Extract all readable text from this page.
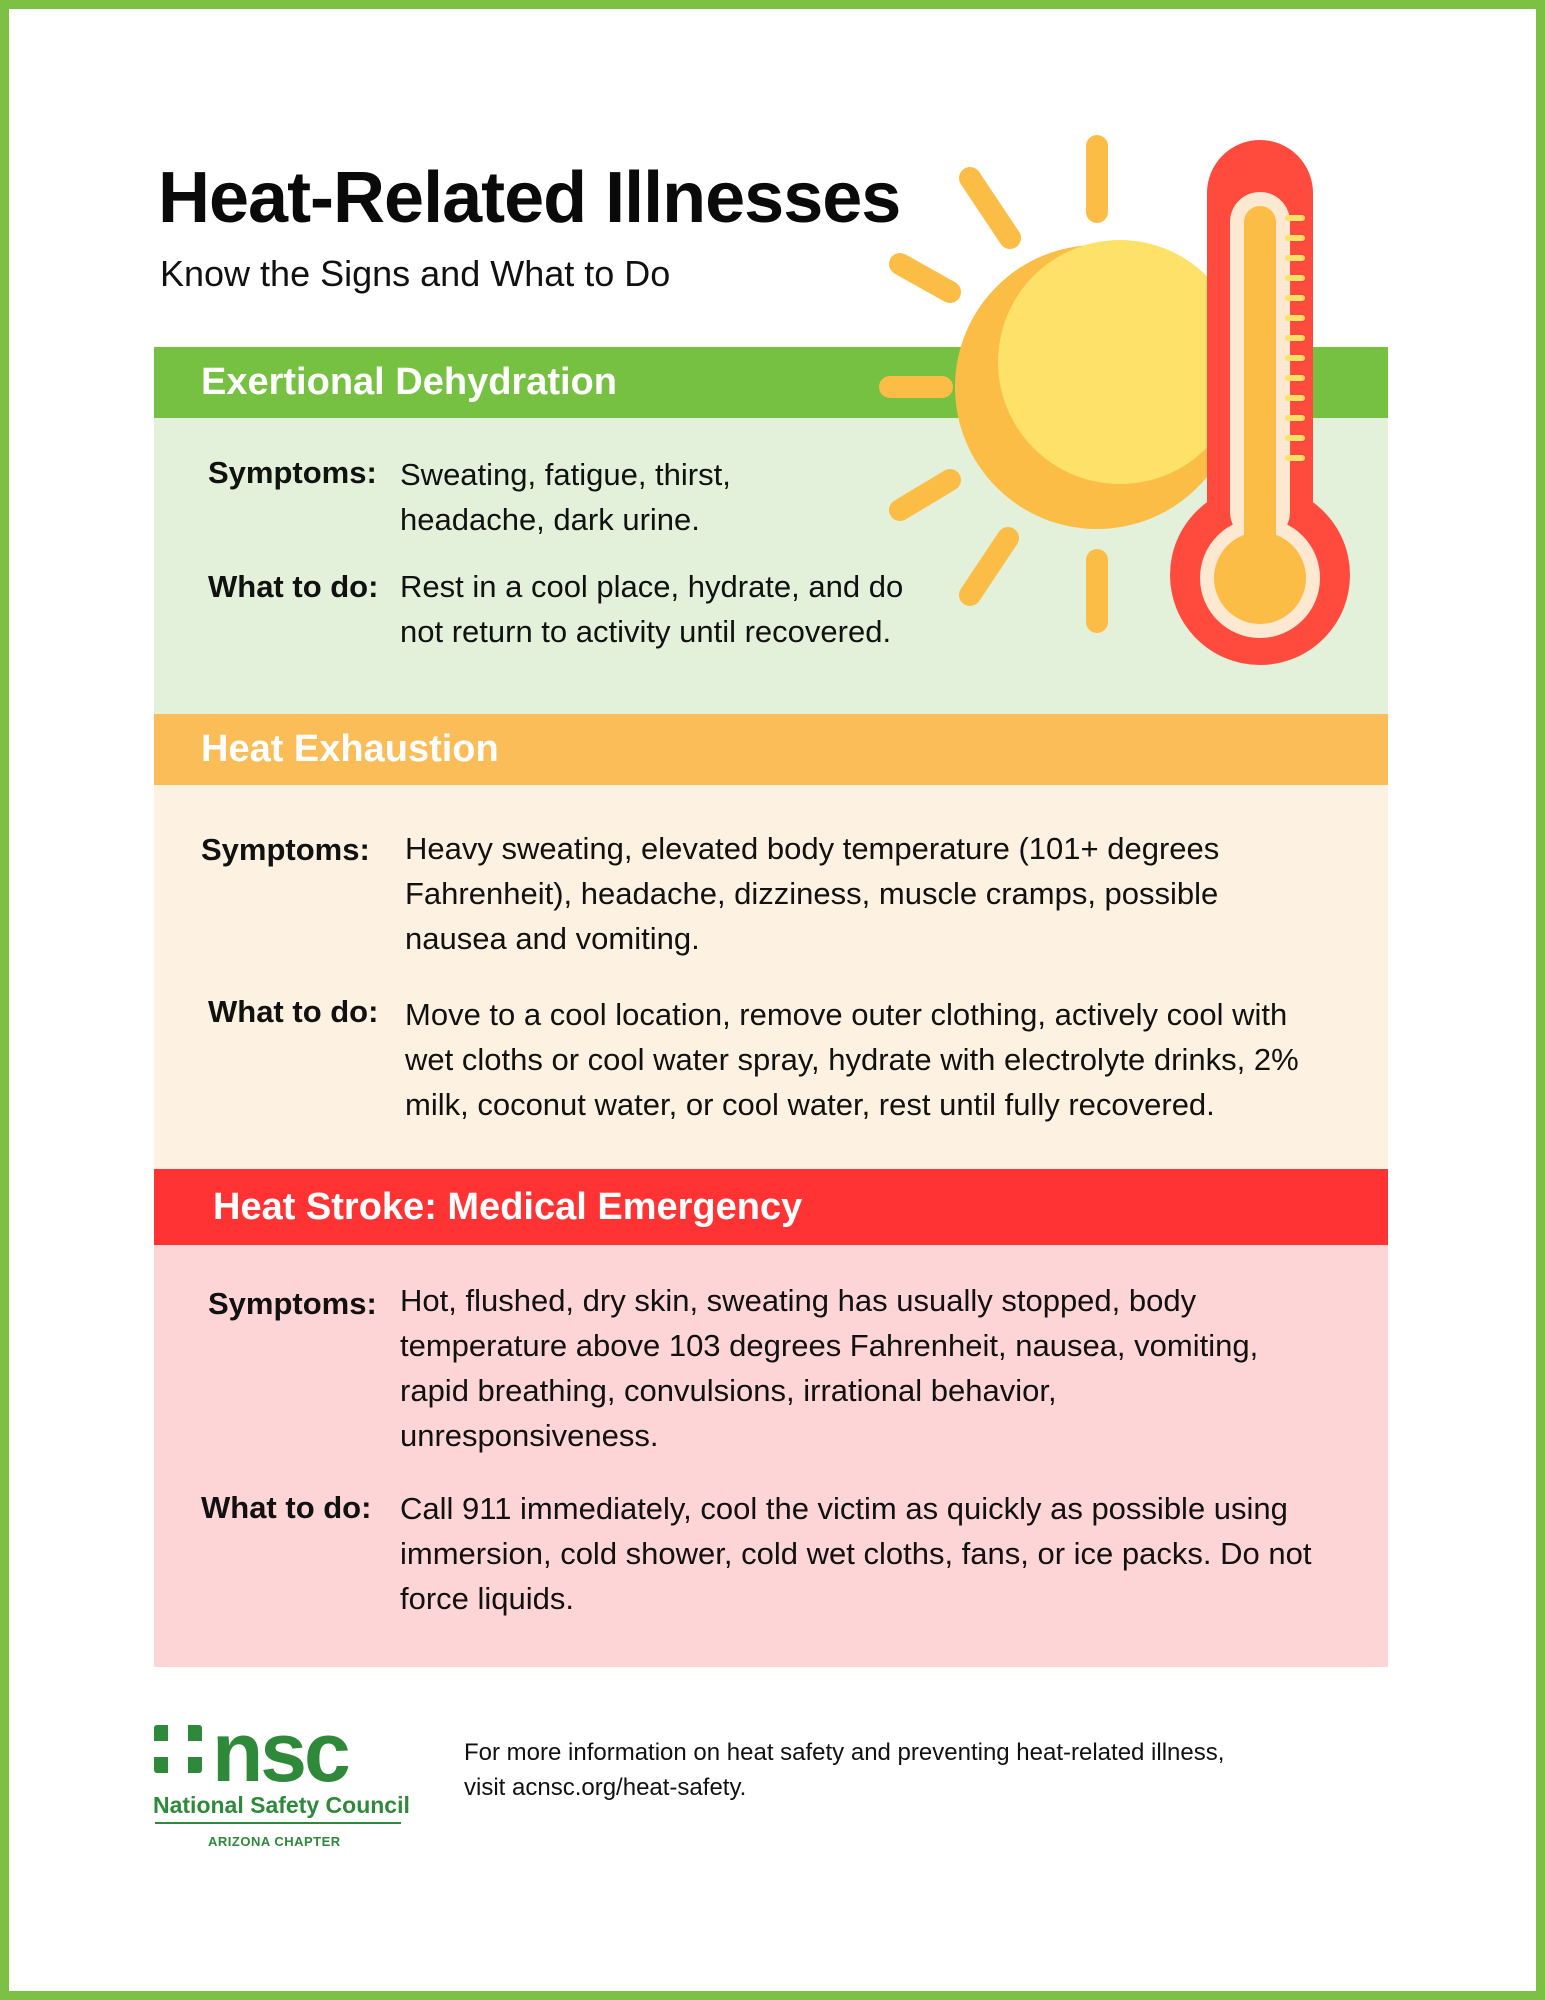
Heat-Related Illnesses
Know the Signs and What to Do
Exertional Dehydration
Symptoms: Sweating, fatigue, thirst,
headache, dark urine.
What to do: Rest in a cool place, hydrate, and do
not return to activity until recovered.
Heat Exhaustion
Symptoms: Heavy sweating, elevated body temperature (101+ degrees
Fahrenheit), headache, dizziness, muscle cramps, possible
nausea and vomiting.
What to do: Move to a cool location, remove outer clothing, actively cool with
wet cloths or cool water spray, hydrate with electrolyte drinks, 2%
milk, coconut water, or cool water, rest until fully recovered.
Heat Stroke: Medical Emergency
Symptoms: Hot, flushed, dry skin, sweating has usually stopped, body
temperature above 103 degrees Fahrenheit, nausea, vomiting,
rapid breathing, convulsions, irrational behavior,
unresponsiveness.
What to do: Call 911 immediately, cool the victim as quickly as possible using
immersion, cold shower, cold wet cloths, fans, or ice packs. Do not
force liquids.
nsc
National Safety Council
ARIZONA CHAPTER
For more information on heat safety and preventing heat-related illness,
visit acnsc.org/heat-safety.
